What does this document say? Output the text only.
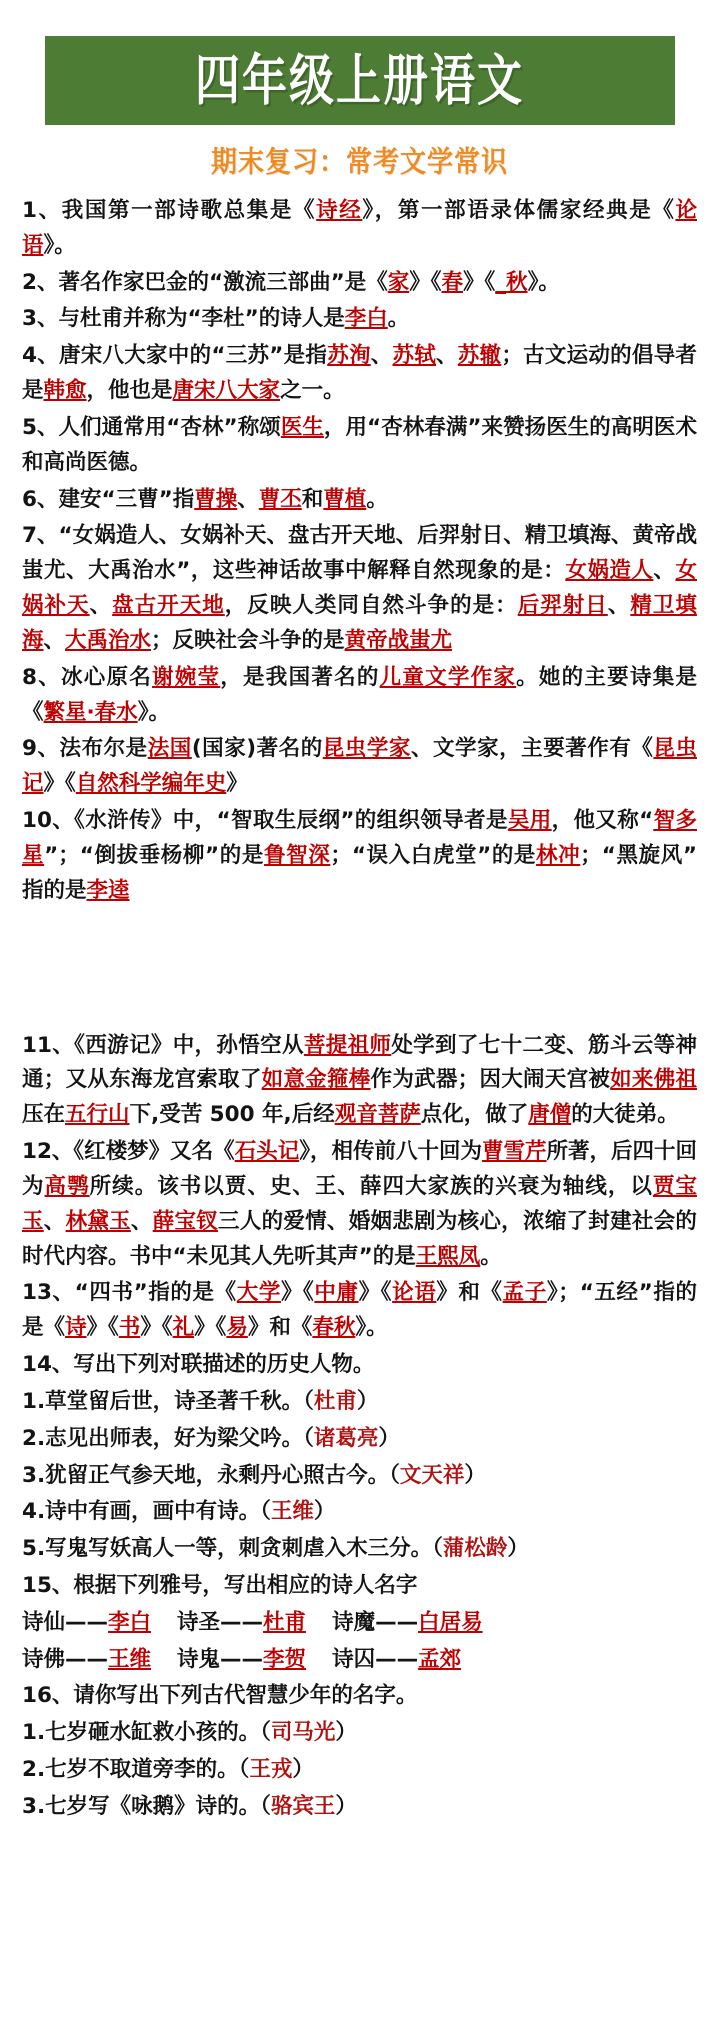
四年级上册语文
期末复习：常考文学常识

1、我国第一部诗歌总集是《诗经》，第一部语录体儒家经典是《论语》。

2、著名作家巴金的“激流三部曲”是《家》《春》《_秋》。

3、与杜甫并称为“李杜”的诗人是李白。

4、唐宋八大家中的“三苏”是指苏洵、苏轼、苏辙；古文运动的倡导者是韩愈，他也是唐宋八大家之一。

5、人们通常用“杏林”称颂医生，用“杏林春满”来赞扬医生的高明医术和高尚医德。

6、建安“三曹”指曹操、曹丕和曹植。

7、“女娲造人、女娲补天、盘古开天地、后羿射日、精卫填海、黄帝战蚩尤、大禹治水”，这些神话故事中解释自然现象的是：女娲造人、女娲补天、盘古开天地，反映人类同自然斗争的是：后羿射日、精卫填海、大禹治水；反映社会斗争的是黄帝战蚩尤

8、冰心原名谢婉莹，是我国著名的儿童文学作家。她的主要诗集是《繁星·春水》。

9、法布尔是法国(国家)著名的昆虫学家、文学家，主要著作有《昆虫记》《自然科学编年史》

10、《水浒传》中，“智取生辰纲”的组织领导者是吴用，他又称“智多星”；“倒拔垂杨柳”的是鲁智深；“误入白虎堂”的是林冲；“黑旋风”指的是李逵

11、《西游记》中，孙悟空从菩提祖师处学到了七十二变、筋斗云等神通；又从东海龙宫索取了如意金箍棒作为武器；因大闹天宫被如来佛祖压在五行山下,受苦 500 年,后经观音菩萨点化，做了唐僧的大徒弟。

12、《红楼梦》又名《石头记》，相传前八十回为曹雪芹所著，后四十回为高鹗所续。该书以贾、史、王、薛四大家族的兴衰为轴线，以贾宝玉、林黛玉、薛宝钗三人的爱情、婚姻悲剧为核心，浓缩了封建社会的时代内容。书中“未见其人先听其声”的是王熙凤。

13、“四书”指的是《大学》《中庸》《论语》和《孟子》；“五经”指的是《诗》《书》《礼》《易》和《春秋》。

14、写出下列对联描述的历史人物。

1.草堂留后世，诗圣著千秋。（杜甫）

2.志见出师表，好为梁父吟。（诸葛亮）

3.犹留正气参天地，永剩丹心照古今。（文天祥）

4.诗中有画，画中有诗。（王维）

5.写鬼写妖高人一等，刺贪刺虐入木三分。（蒲松龄）

15、根据下列雅号，写出相应的诗人名字

诗仙——李白 诗圣——杜甫 诗魔——白居易

诗佛——王维 诗鬼——李贺 诗囚——孟郊

16、请你写出下列古代智慧少年的名字。

1.七岁砸水缸救小孩的。（司马光）

2.七岁不取道旁李的。（王戎）

3.七岁写《咏鹅》诗的。（骆宾王）
